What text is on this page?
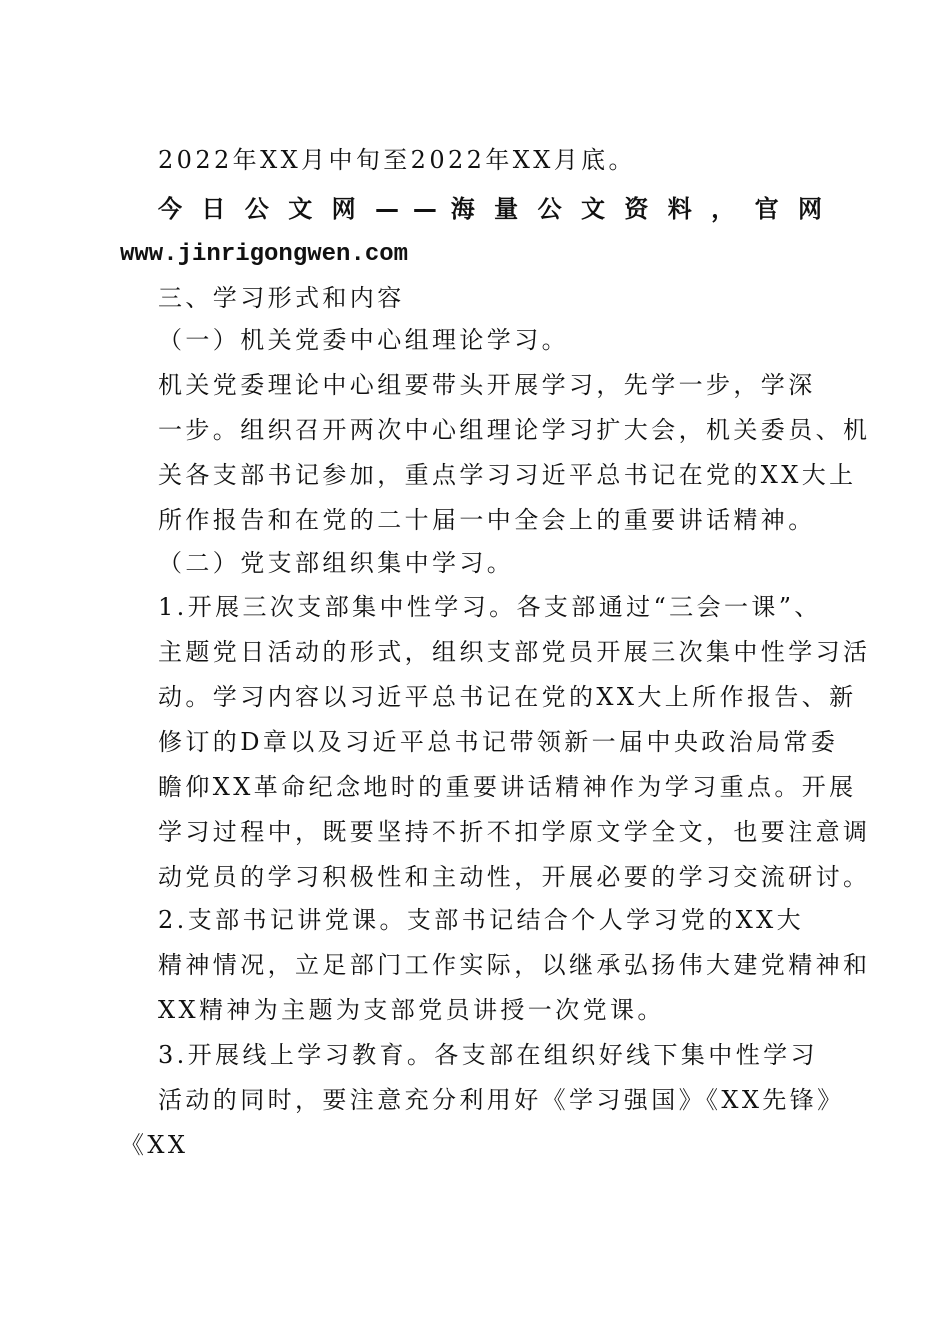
2022年XX月中旬至2022年XX月底。
今 日 公 文 网 — — 海 量 公 文 资 料 ， 官 网
www.jinrigongwen.com
三、学习形式和内容
（一）机关党委中心组理论学习。
机关党委理论中心组要带头开展学习，先学一步，学深
一步。组织召开两次中心组理论学习扩大会，机关委员、机
关各支部书记参加，重点学习习近平总书记在党的XX大上
所作报告和在党的二十届一中全会上的重要讲话精神。
（二）党支部组织集中学习。
1.开展三次支部集中性学习。各支部通过“三会一课”、
主题党日活动的形式，组织支部党员开展三次集中性学习活
动。学习内容以习近平总书记在党的XX大上所作报告、新
修订的D章以及习近平总书记带领新一届中央政治局常委
瞻仰XX革命纪念地时的重要讲话精神作为学习重点。开展
学习过程中，既要坚持不折不扣学原文学全文，也要注意调
动党员的学习积极性和主动性，开展必要的学习交流研讨。
2.支部书记讲党课。支部书记结合个人学习党的XX大
精神情况，立足部门工作实际，以继承弘扬伟大建党精神和
XX精神为主题为支部党员讲授一次党课。
3.开展线上学习教育。各支部在组织好线下集中性学习
活动的同时，要注意充分利用好《学习强国》《XX先锋》
《XX
